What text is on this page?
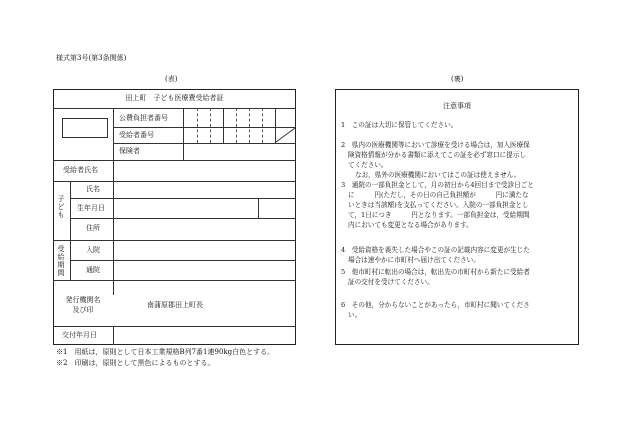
様式第3号(第3条関係)
(表)	(裏)
田上町　子ども医療費受給者証
公費負担者番号
受給者番号
保険者
受給者氏名
子ども
氏名
生年月日
住所
受給期間
入院
通院
発行機関名
及び印
南蒲原郡田上町長
交付年月日
※1　用紙は，原則として日本工業規格B列7番1連90kg白色とする。
※2　印刷は，原則として黒色によるものとする。
注意事項
1　この証は大切に保管してください。
2　県内の医療機関等において診療を受ける場合は，加入医療保
険資格情報が分かる書類に添えてこの証を必ず窓口に提示し
てください。
なお，県外の医療機関においてはこの証は使えません。
3　通院の一部負担金として，月の初日から4回目まで受診日ごと
に　　　円(ただし，その日の自己負担額が　　　円に満たな
いときは当該額)を支払ってください。入院の一部負担金とし
て，1日につき　　　円となります。一部負担金は，受給期間
内においても変更となる場合があります。
4　受給資格を喪失した場合やこの証の記載内容に変更が生じた
場合は速やかに市町村へ届け出てください。
5　他市町村に転出の場合は，転出先の市町村から新たに受給者
証の交付を受けてください。
6　その他，分からないことがあったら，市町村に聞いてくださ
い。
